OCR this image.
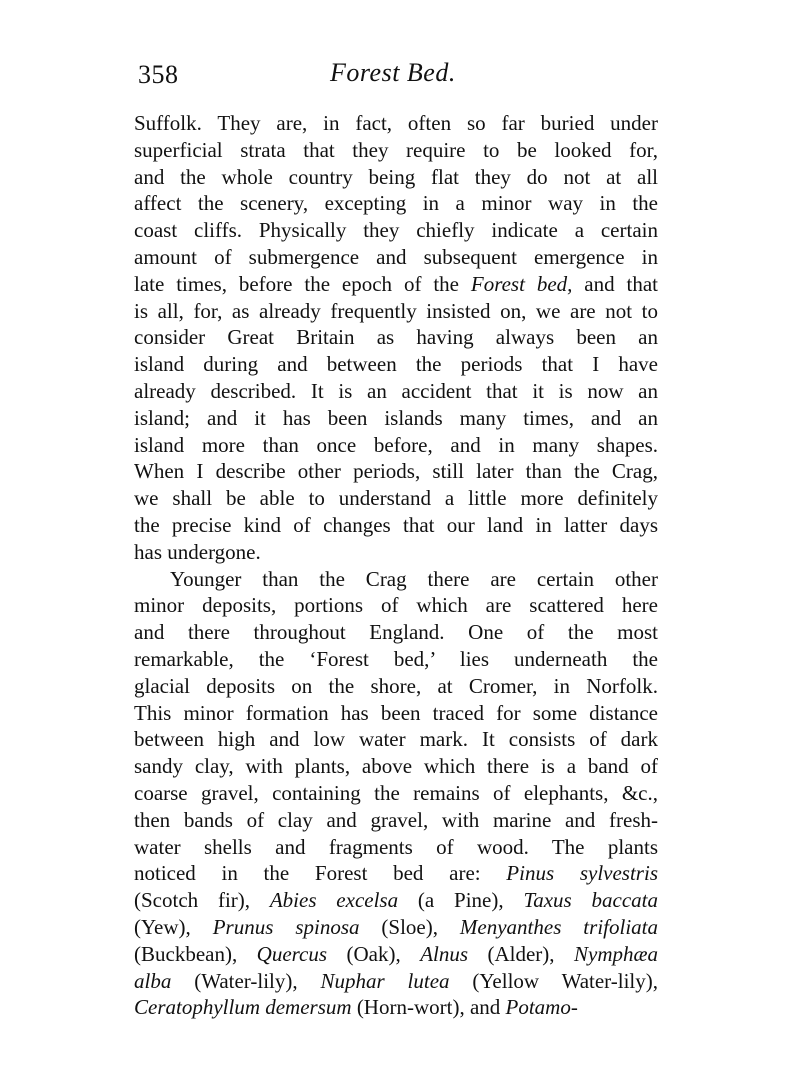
358	Forest Bed.
Suffolk. They are, in fact, often so far buried under
superficial strata that they require to be looked for,
and the whole country being flat they do not at all
affect the scenery, excepting in a minor way in the
coast cliffs. Physically they chiefly indicate a certain
amount of submergence and subsequent emergence in
late times, before the epoch of the Forest bed, and that
is all, for, as already frequently insisted on, we are not to
consider Great Britain as having always been an
island during and between the periods that I have
already described. It is an accident that it is now an
island; and it has been islands many times, and an
island more than once before, and in many shapes.
When I describe other periods, still later than the Crag,
we shall be able to understand a little more definitely
the precise kind of changes that our land in latter days
has undergone.
Younger than the Crag there are certain other
minor deposits, portions of which are scattered here
and there throughout England. One of the most
remarkable, the ‘Forest bed,’ lies underneath the
glacial deposits on the shore, at Cromer, in Norfolk.
This minor formation has been traced for some distance
between high and low water mark. It consists of dark
sandy clay, with plants, above which there is a band of
coarse gravel, containing the remains of elephants, &c.,
then bands of clay and gravel, with marine and fresh-
water shells and fragments of wood. The plants
noticed in the Forest bed are: Pinus sylvestris
(Scotch fir), Abies excelsa (a Pine), Taxus baccata
(Yew), Prunus spinosa (Sloe), Menyanthes trifoliata
(Buckbean), Quercus (Oak), Alnus (Alder), Nymphæa
alba (Water-lily), Nuphar lutea (Yellow Water-lily),
Ceratophyllum demersum (Horn-wort), and Potamo-
